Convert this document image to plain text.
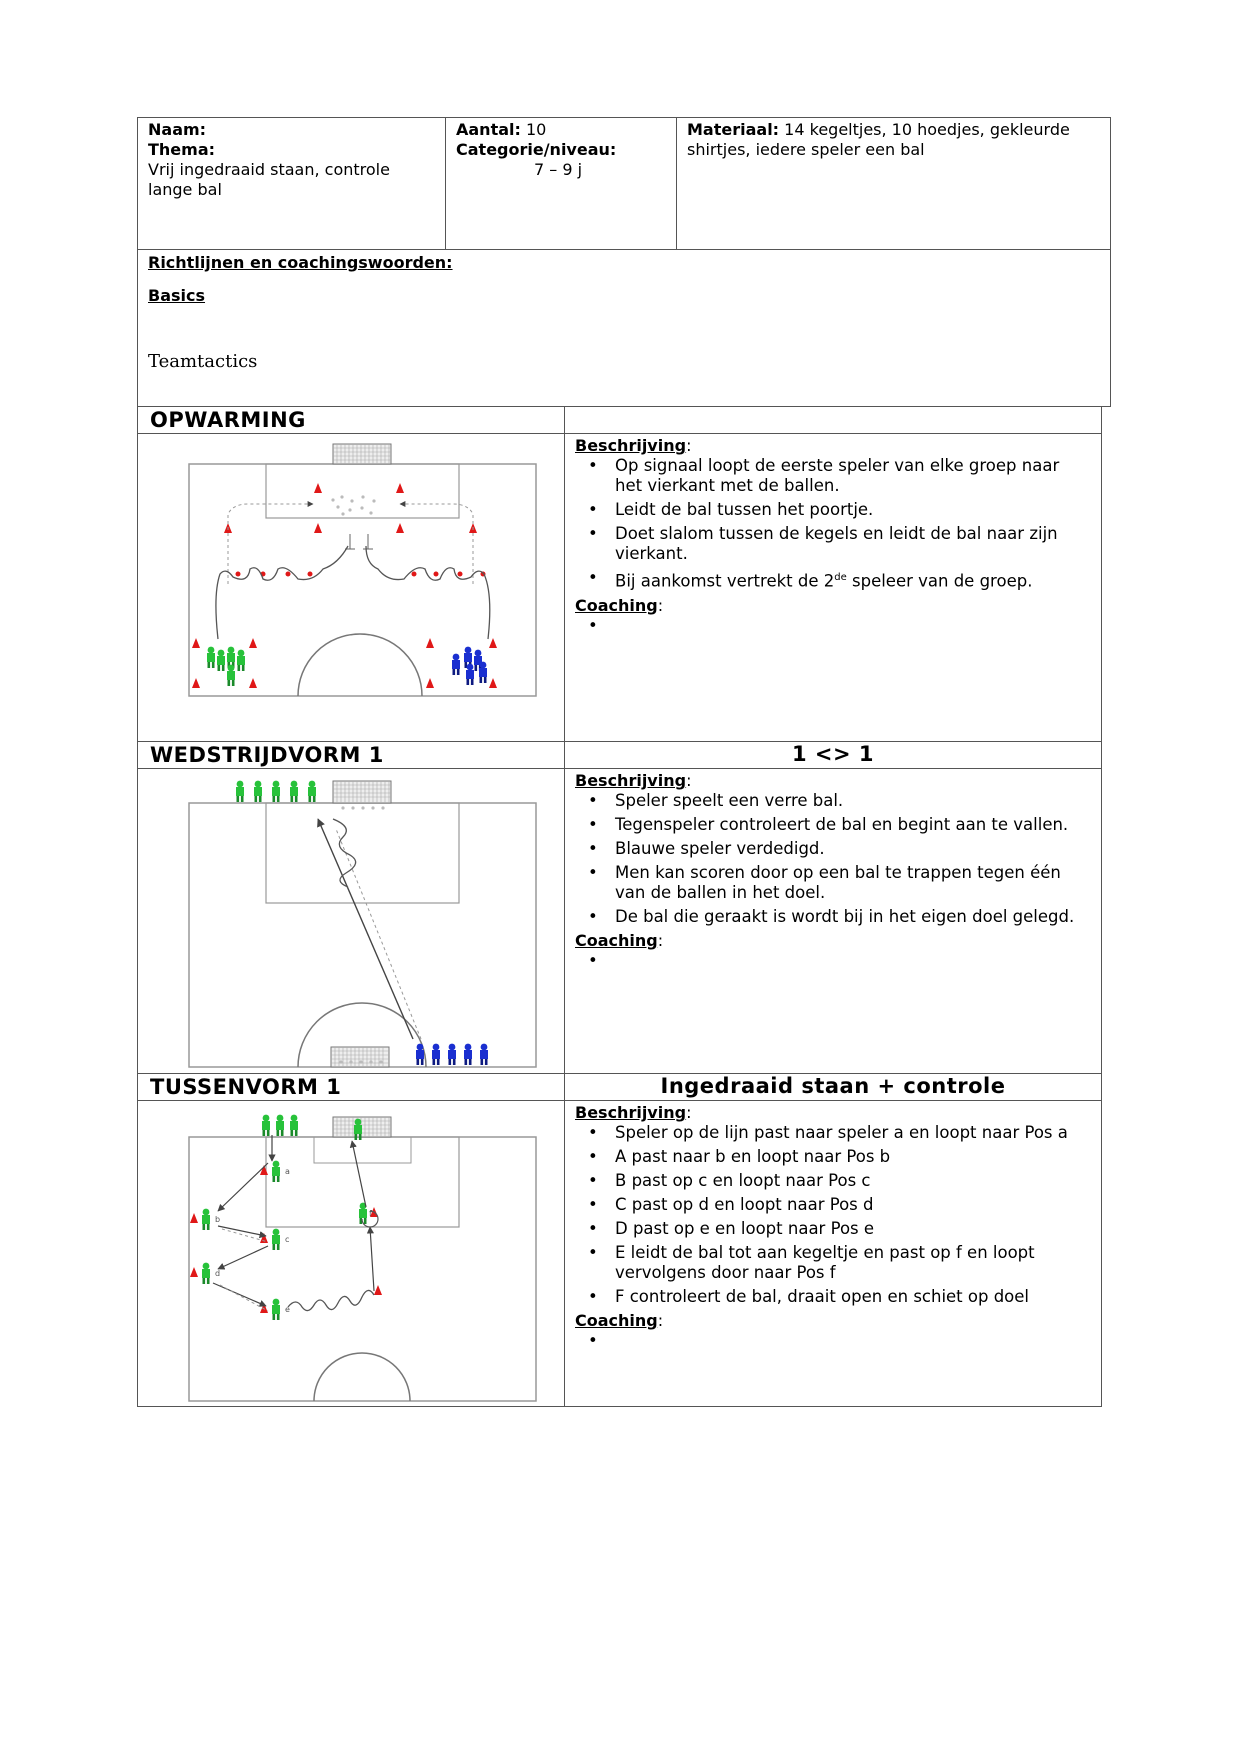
Naam:
Thema:
Vrij ingedraaid staan, controle lange bal
Aantal: 10
Categorie/niveau:
7 – 9 j
Materiaal: 14 kegeltjes, 10 hoedjes, gekleurde shirtjes, iedere speler een bal
Richtlijnen en coachingswoorden:
Basics
Teamtactics
OPWARMING
Beschrijving:
• Op signaal loopt de eerste speler van elke groep naar het vierkant met de ballen.
• Leidt de bal tussen het poortje.
• Doet slalom tussen de kegels en leidt de bal naar zijn vierkant.
• Bij aankomst vertrekt de 2de speleer van de groep.
Coaching:
•
WEDSTRIJDVORM 1	1 <> 1
Beschrijving:
• Speler speelt een verre bal.
• Tegenspeler controleert de bal en begint aan te vallen.
• Blauwe speler verdedigd.
• Men kan scoren door op een bal te trappen tegen één van de ballen in het doel.
• De bal die geraakt is wordt bij in het eigen doel gelegd.
Coaching:
•
TUSSENVORM 1	Ingedraaid staan + controle
a
b
c
d
e
f
Beschrijving:
• Speler op de lijn past naar speler a en loopt naar Pos a
• A past naar b en loopt naar Pos b
• B past op c en loopt naar Pos c
• C past op d en loopt naar Pos d
• D past op e en loopt naar Pos e
• E leidt de bal tot aan kegeltje en past op f en loopt vervolgens door naar Pos f
• F controleert de bal, draait open en schiet op doel
Coaching:
•
